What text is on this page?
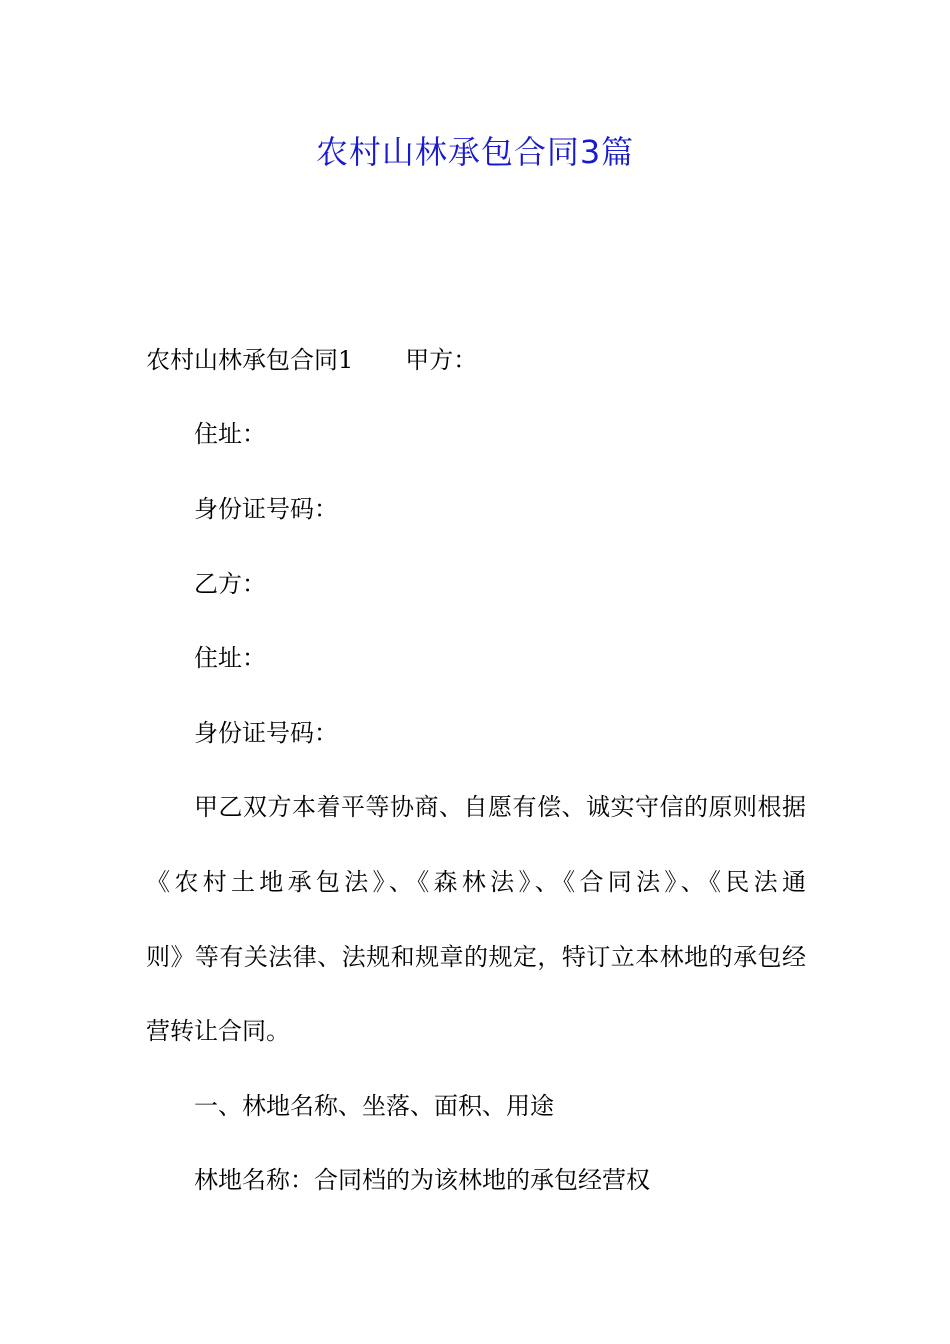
农村山林承包合同3篇
农村山林承包合同1 甲方：
住址：
身份证号码：
乙方：
住址：
身份证号码：
甲乙双方本着平等协商、自愿有偿、诚实守信的原则根据
《农村土地承包法》、《森林法》、《合同法》、《民法通
则》等有关法律、法规和规章的规定，特订立本林地的承包经
营转让合同。
一、林地名称、坐落、面积、用途
林地名称：合同档的为该林地的承包经营权
